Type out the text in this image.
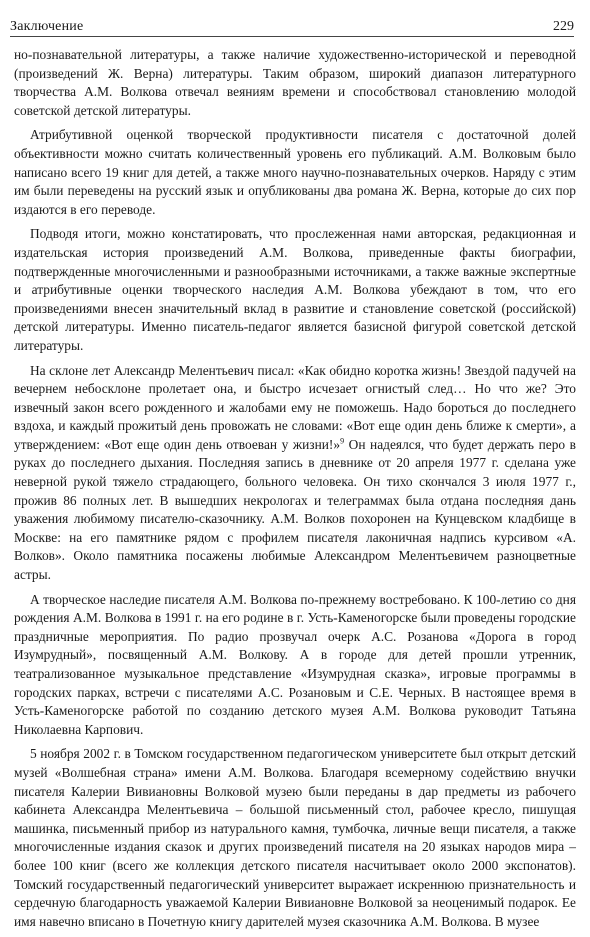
Заключение	229

но-познавательной литературы, а также наличие художественно-исторической и переводной (произведений Ж. Верна) литературы. Таким образом, широкий диапазон литературного творчества А.М. Волкова отвечал веяниям времени и способствовал становлению молодой советской детской литературы.

Атрибутивной оценкой творческой продуктивности писателя с достаточной долей объективности можно считать количественный уровень его публикаций. А.М. Волковым было написано всего 19 книг для детей, а также много научно-познавательных очерков. Наряду с этим им были переведены на русский язык и опубликованы два романа Ж. Верна, которые до сих пор издаются в его переводе.

Подводя итоги, можно констатировать, что прослеженная нами авторская, редакционная и издательская история произведений А.М. Волкова, приведенные факты биографии, подтвержденные многочисленными и разнообразными источниками, а также важные экспертные и атрибутивные оценки творческого наследия А.М. Волкова убеждают в том, что его произведениями внесен значительный вклад в развитие и становление советской (российской) детской литературы. Именно писатель-педагог является базисной фигурой советской детской литературы.

На склоне лет Александр Мелентьевич писал: «Как обидно коротка жизнь! Звездой падучей на вечернем небосклоне пролетает она, и быстро исчезает огнистый след… Но что же? Это извечный закон всего рожденного и жалобами ему не поможешь. Надо бороться до последнего вздоха, и каждый прожитый день провожать не словами: «Вот еще один день ближе к смерти», а утверждением: «Вот еще один день отвоеван у жизни!»$^9$ Он надеялся, что будет держать перо в руках до последнего дыхания. Последняя запись в дневнике от 20 апреля 1977 г. сделана уже неверной рукой тяжело страдающего, больного человека. Он тихо скончался 3 июля 1977 г., прожив 86 полных лет. В вышедших некрологах и телеграммах была отдана последняя дань уважения любимому писателю-сказочнику. А.М. Волков похоронен на Кунцевском кладбище в Москве: на его памятнике рядом с профилем писателя лаконичная надпись курсивом «А. Волков». Около памятника посажены любимые Александром Мелентьевичем разноцветные астры.

А творческое наследие писателя А.М. Волкова по-прежнему востребовано. К 100-летию со дня рождения А.М. Волкова в 1991 г. на его родине в г. Усть-Каменогорске были проведены городские праздничные мероприятия. По радио прозвучал очерк А.С. Розанова «Дорога в город Изумрудный», посвященный А.М. Волкову. А в городе для детей прошли утренник, театрализованное музыкальное представление «Изумрудная сказка», игровые программы в городских парках, встречи с писателями А.С. Розановым и С.Е. Черных. В настоящее время в Усть-Каменогорске работой по созданию детского музея А.М. Волкова руководит Татьяна Николаевна Карпович.

5 ноября 2002 г. в Томском государственном педагогическом университете был открыт детский музей «Волшебная страна» имени А.М. Волкова. Благодаря всемерному содействию внучки писателя Калерии Вивиановны Волковой музею были переданы в дар предметы из рабочего кабинета Александра Мелентьевича – большой письменный стол, рабочее кресло, пишущая машинка, письменный прибор из натурального камня, тумбочка, личные вещи писателя, а также многочисленные издания сказок и других произведений писателя на 20 языках народов мира – более 100 книг (всего же коллекция детского писателя насчитывает около 2000 экспонатов). Томский государственный педагогический университет выражает искреннюю признательность и сердечную благодарность уважаемой Калерии Вивиановне Волковой за неоценимый подарок. Ее имя навечно вписано в Почетную книгу дарителей музея сказочника А.М. Волкова. В музее
